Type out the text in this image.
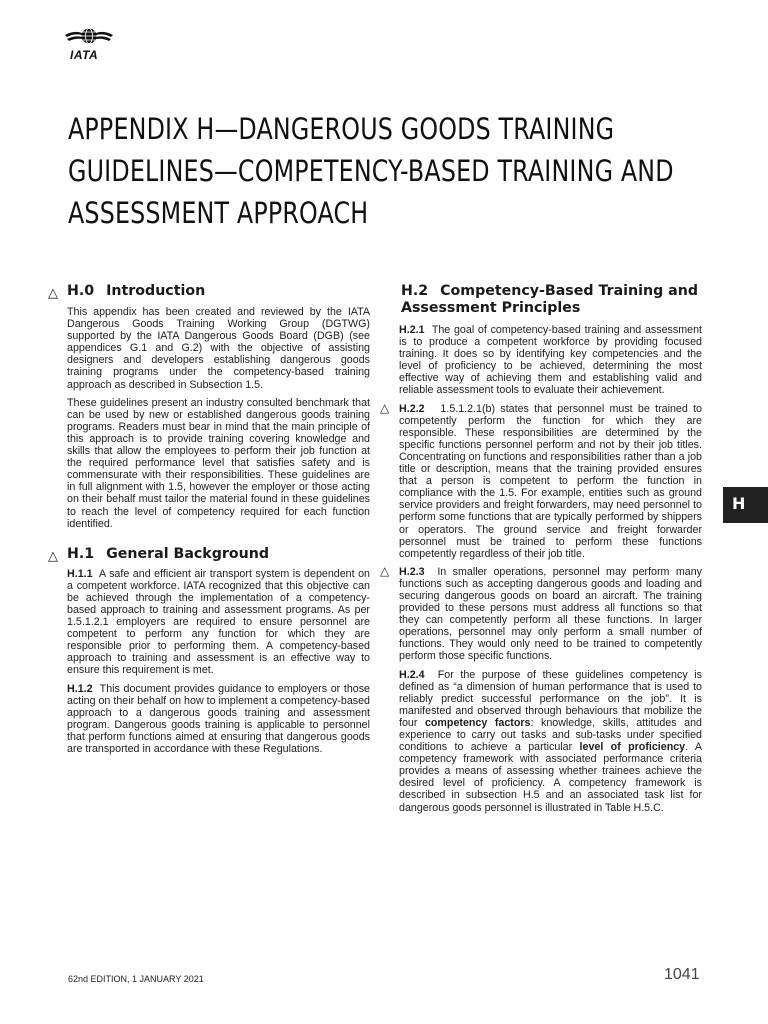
IATA
APPENDIX H—DANGEROUS GOODS TRAINING
GUIDELINES—COMPETENCY-BASED TRAINING AND
ASSESSMENT APPROACH
△ H.0 Introduction

This appendix has been created and reviewed by the IATA Dangerous Goods Training Working Group (DGTWG) supported by the IATA Dangerous Goods Board (DGB) (see appendices G.1 and G.2) with the objective of assisting designers and developers establishing dangerous goods training programs under the competency-based training approach as described in Subsection 1.5.

These guidelines present an industry consulted benchmark that can be used by new or established dangerous goods training programs. Readers must bear in mind that the main principle of this approach is to provide training covering knowledge and skills that allow the employees to perform their job function at the required performance level that satisfies safety and is commensurate with their responsibilities. These guidelines are in full alignment with 1.5, however the employer or those acting on their behalf must tailor the material found in these guidelines to reach the level of competency required for each function identified.

△ H.1 General Background

H.1.1 A safe and efficient air transport system is dependent on a competent workforce. IATA recognized that this objective can be achieved through the implementation of a competency-based approach to training and assessment programs. As per 1.5.1.2.1 employers are required to ensure personnel are competent to perform any function for which they are responsible prior to performing them. A competency-based approach to training and assessment is an effective way to ensure this requirement is met.

H.1.2 This document provides guidance to employers or those acting on their behalf on how to implement a competency-based approach to a dangerous goods training and assessment program. Dangerous goods training is applicable to personnel that perform functions aimed at ensuring that dangerous goods are transported in accordance with these Regulations.

H.2 Competency-Based Training and Assessment Principles

H.2.1 The goal of competency-based training and assessment is to produce a competent workforce by providing focused training. It does so by identifying key competencies and the level of proficiency to be achieved, determining the most effective way of achieving them and establishing valid and reliable assessment tools to evaluate their achievement.

△ H.2.2 1.5.1.2.1(b) states that personnel must be trained to competently perform the function for which they are responsible. These responsibilities are determined by the specific functions personnel perform and not by their job titles. Concentrating on functions and responsibilities rather than a job title or description, means that the training provided ensures that a person is competent to perform the function in compliance with the 1.5. For example, entities such as ground service providers and freight forwarders, may need personnel to perform some functions that are typically performed by shippers or operators. The ground service and freight forwarder personnel must be trained to perform these functions competently regardless of their job title.

△ H.2.3 In smaller operations, personnel may perform many functions such as accepting dangerous goods and loading and securing dangerous goods on board an aircraft. The training provided to these persons must address all functions so that they can competently perform all these functions. In larger operations, personnel may only perform a small number of functions. They would only need to be trained to competently perform those specific functions.

H.2.4 For the purpose of these guidelines competency is defined as “a dimension of human performance that is used to reliably predict successful performance on the job”. It is manifested and observed through behaviours that mobilize the four competency factors: knowledge, skills, attitudes and experience to carry out tasks and sub-tasks under specified conditions to achieve a particular level of proficiency. A competency framework with associated performance criteria provides a means of assessing whether trainees achieve the desired level of proficiency. A competency framework is described in subsection H.5 and an associated task list for dangerous goods personnel is illustrated in Table H.5.C.

H
62nd EDITION, 1 JANUARY 2021	1041
